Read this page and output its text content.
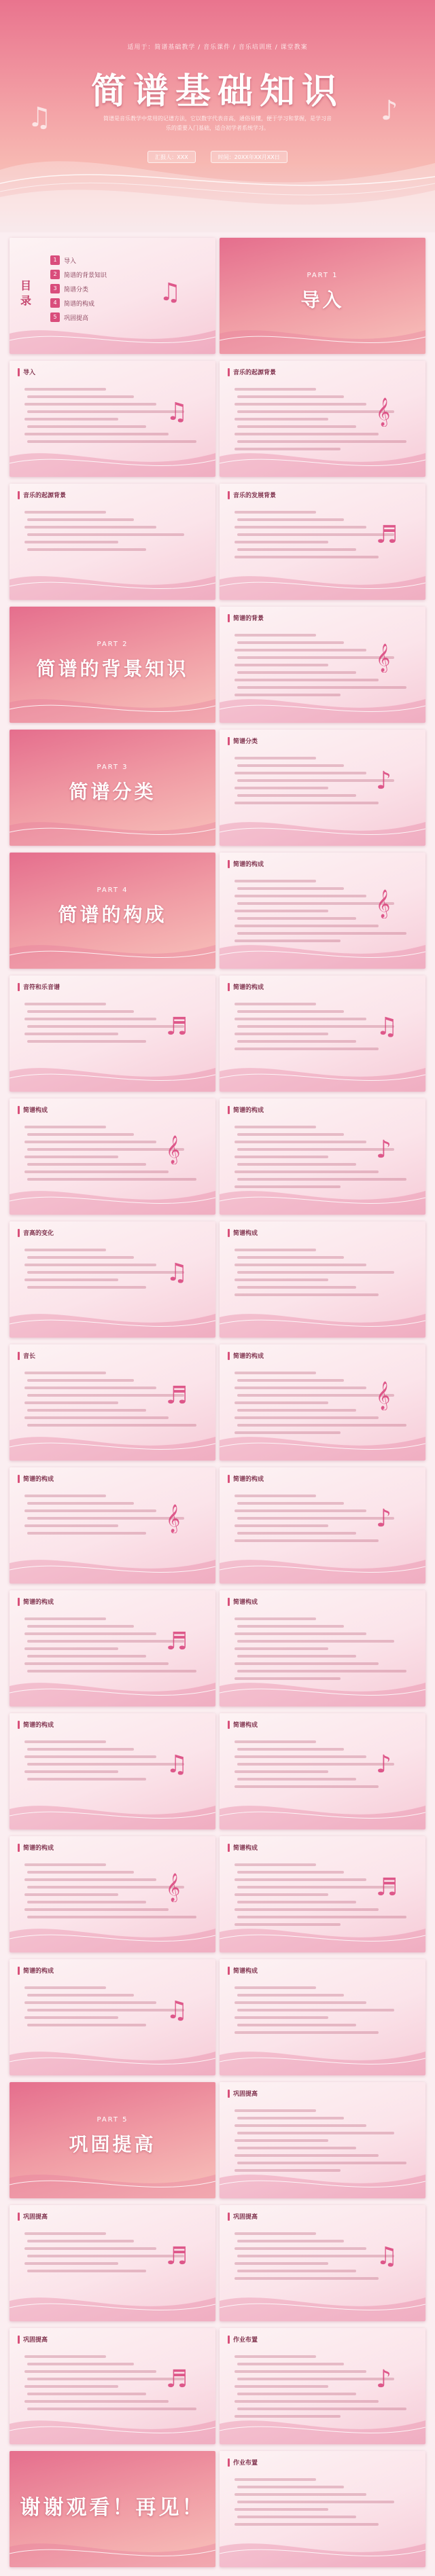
♫	♪
适用于：简谱基础教学 / 音乐课件 / 音乐培训班 / 课堂教案
简谱基础知识
简谱是音乐教学中常用的记谱方法，它以数字代表音高，通俗易懂，便于学习和掌握，是学习音乐的重要入门基础，适合初学者系统学习。
汇报人：XXX	时间：20XX年XX月XX日
目录
1	导入
2	简谱的背景知识
3	简谱分类
4	简谱的构成
5	巩固提高
♫
PART 1
导入
导入
♫
音乐的起源背景
𝄞
音乐的起源背景	音乐的发展背景
♬
PART 2
简谱的背景知识
简谱的背景
𝄞
PART 3
简谱分类
简谱分类
♪
PART 4
简谱的构成
简谱的构成
𝄞
音符和乐音谱
♬
简谱的构成
♫
简谱构成
𝄞
简谱的构成
♪
音高的变化
♫
简谱构成
音长
♬
简谱的构成
𝄞
简谱的构成
𝄞
简谱的构成
♪
简谱的构成
♬
简谱构成
简谱的构成
♫
简谱构成
♪
简谱的构成
𝄞
简谱构成
♬
简谱的构成
♫
简谱构成
PART 5
巩固提高
巩固提高
巩固提高
♬
巩固提高
♫
巩固提高
♬
作业布置
♪
谢谢观看！再见！
作业布置
